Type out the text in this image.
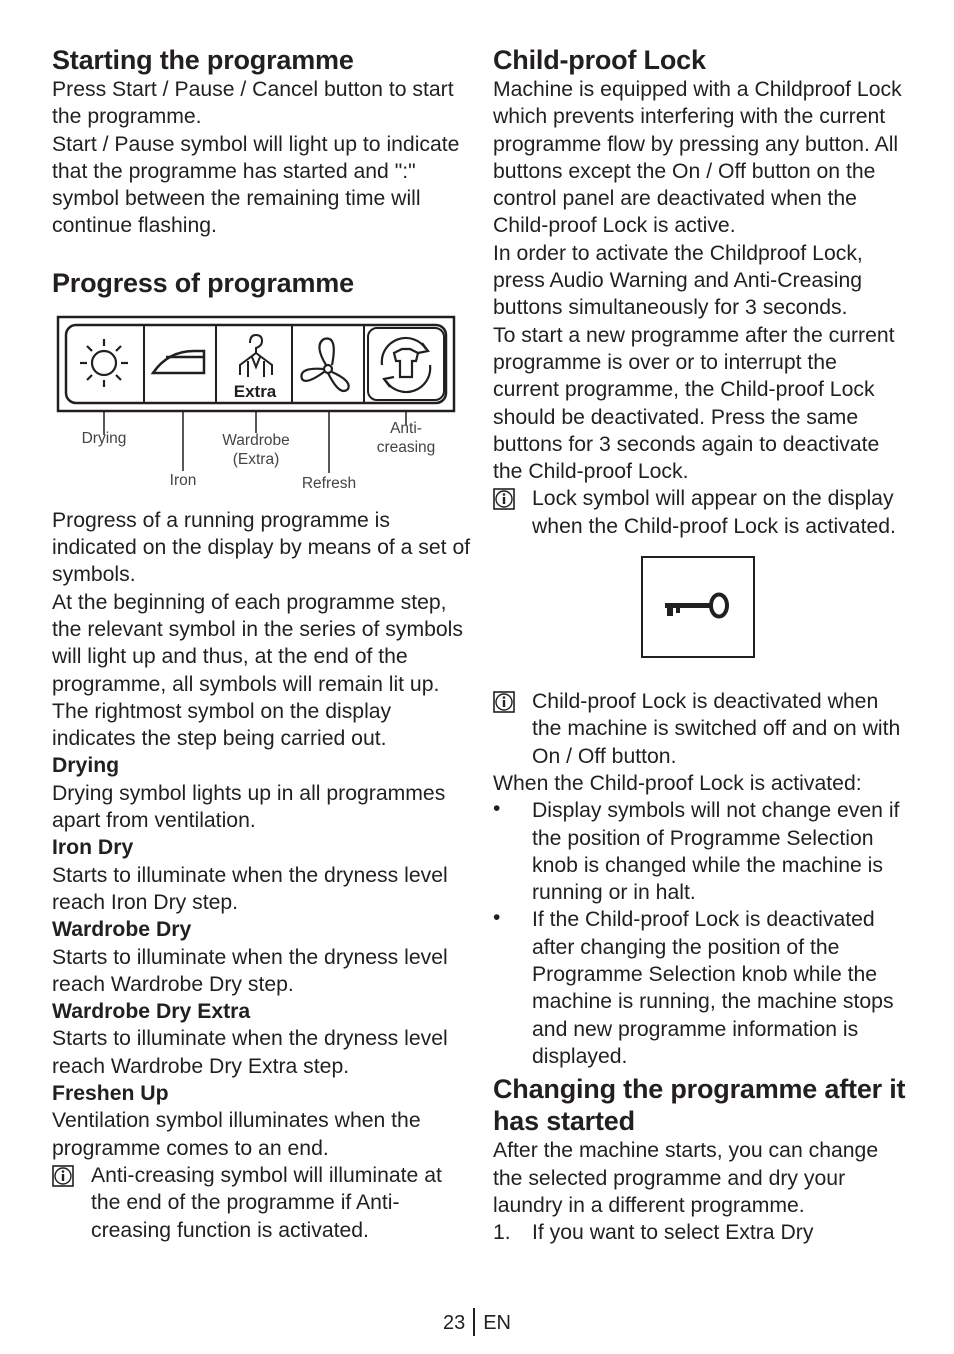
Starting the programme

Press Start / Pause / Cancel button to start the programme.
Start / Pause symbol will light up to indicate that the programme has started and ":" symbol between the remaining time will continue flashing.

Progress of programme
Extra
Drying
Iron
Wardrobe
(Extra)
Refresh
Anti-
creasing

Progress of a running programme is indicated on the display by means of a set of symbols.
At the beginning of each programme step, the relevant symbol in the series of symbols will light up and thus, at the end of the programme, all symbols will remain lit up. The rightmost symbol on the display indicates the step being carried out.

Drying

Drying symbol lights up in all programmes apart from ventilation.

Iron Dry

Starts to illuminate when the dryness level reach Iron Dry step.

Wardrobe Dry

Starts to illuminate when the dryness level reach Wardrobe Dry step.

Wardrobe Dry Extra

Starts to illuminate when the dryness level reach Wardrobe Dry Extra step.

Freshen Up

Ventilation symbol illuminates when the programme comes to an end.

Anti-creasing symbol will illuminate at the end of the programme if Anti-creasing function is activated.

Child-proof Lock

Machine is equipped with a Childproof Lock which prevents interfering with the current programme flow by pressing any button. All buttons except the On / Off button on the control panel are deactivated when the Child-proof Lock is active.
In order to activate the Childproof Lock, press Audio Warning and Anti-Creasing buttons simultaneously for 3 seconds.
To start a new programme after the current programme is over or to interrupt the current programme, the Child-proof Lock should be deactivated. Press the same buttons for 3 seconds again to deactivate the Child-proof Lock.

Lock symbol will appear on the display when the Child-proof Lock is activated.

Child-proof Lock is deactivated when the machine is switched off and on with On / Off button.

When the Child-proof Lock is activated:

• Display symbols will not change even if the position of Programme Selection knob is changed while the machine is running or in halt.

• If the Child-proof Lock is deactivated after changing the position of the Programme Selection knob while the machine is running, the machine stops and new programme information is displayed.

Changing the programme after it has started

After the machine starts, you can change the selected programme and dry your laundry in a different programme.

1. If you want to select Extra Dry

23 EN
